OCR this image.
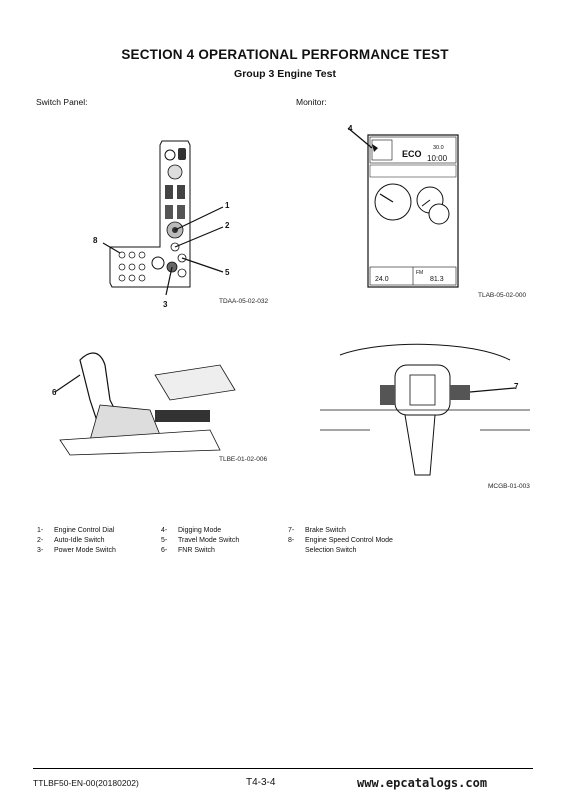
SECTION 4 OPERATIONAL PERFORMANCE TEST
Group 3 Engine Test
Switch Panel:	Monitor:
1
2
5
3
8
TDAA-05-02-032
4
ECO
30.0
10:00
24.0
FM
81.3
TLAB-05-02-000
6
TLBE-01-02-006
7
MCGB-01-003
1-	Engine Control Dial
2-	Auto-Idle Switch
3-	Power Mode Switch
4-	Digging Mode
5-	Travel Mode Switch
6-	FNR Switch
7-	Brake Switch
8-	Engine Speed Control Mode
Selection Switch
TTLBF50-EN-00(20180202)	T4-3-4	www.epcatalogs.com
